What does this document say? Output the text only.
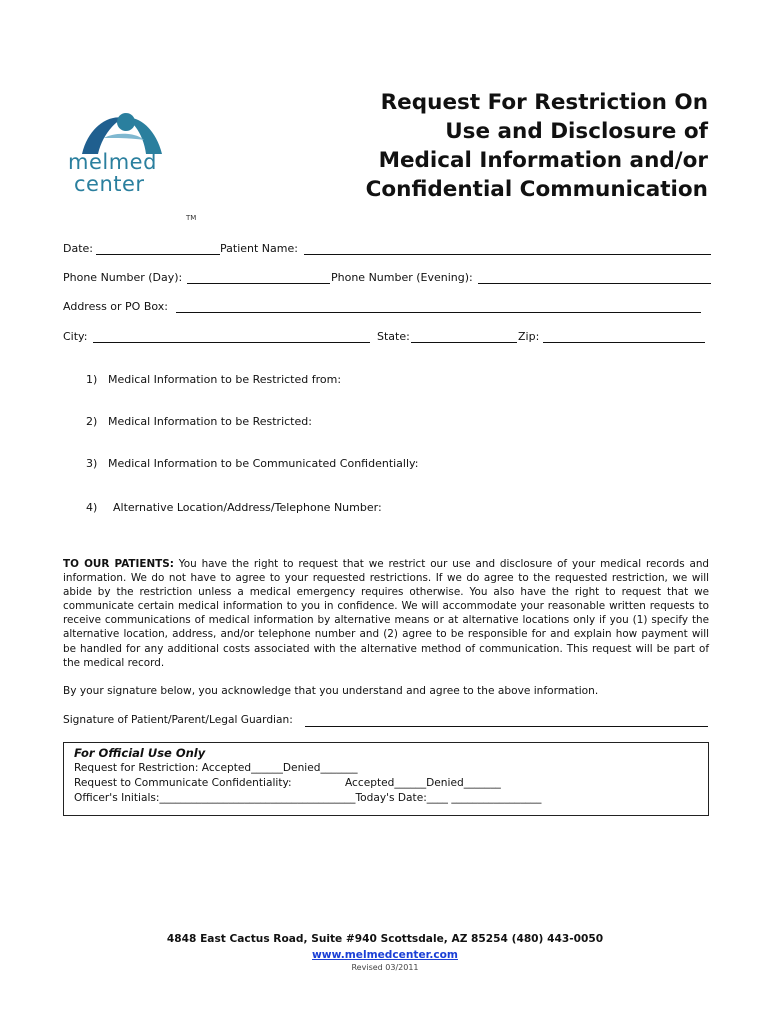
melmed
center
TM
Request For Restriction On
Use and Disclosure of
Medical Information and/or
Confidential Communication
Date:	Patient Name:
Phone Number (Day):	Phone Number (Evening):
Address or PO Box:
City:	State:	Zip:
1) Medical Information to be Restricted from:
2) Medical Information to be Restricted:
3) Medical Information to be Communicated Confidentially:
4) Alternative Location/Address/Telephone Number:
TO OUR PATIENTS: You have the right to request that we restrict our use and disclosure of your medical records and information. We do not have to agree to your requested restrictions. If we do agree to the requested restriction, we will abide by the restriction unless a medical emergency requires otherwise. You also have the right to request that we communicate certain medical information to you in confidence. We will accommodate your reasonable written requests to receive communications of medical information by alternative means or at alternative locations only if you (1) specify the alternative location, address, and/or telephone number and (2) agree to be responsible for and explain how payment will be handled for any additional costs associated with the alternative method of communication. This request will be part of the medical record.
By your signature below, you acknowledge that you understand and agree to the above information.
Signature of Patient/Parent/Legal Guardian:
For Official Use Only
Request for Restriction: Accepted______Denied_______
Request to Communicate Confidentiality:	Accepted______Denied_______
Officer's Initials:_____________________________________Today's Date:____ _________________
4848 East Cactus Road, Suite #940 Scottsdale, AZ 85254 (480) 443-0050
www.melmedcenter.com
Revised 03/2011
